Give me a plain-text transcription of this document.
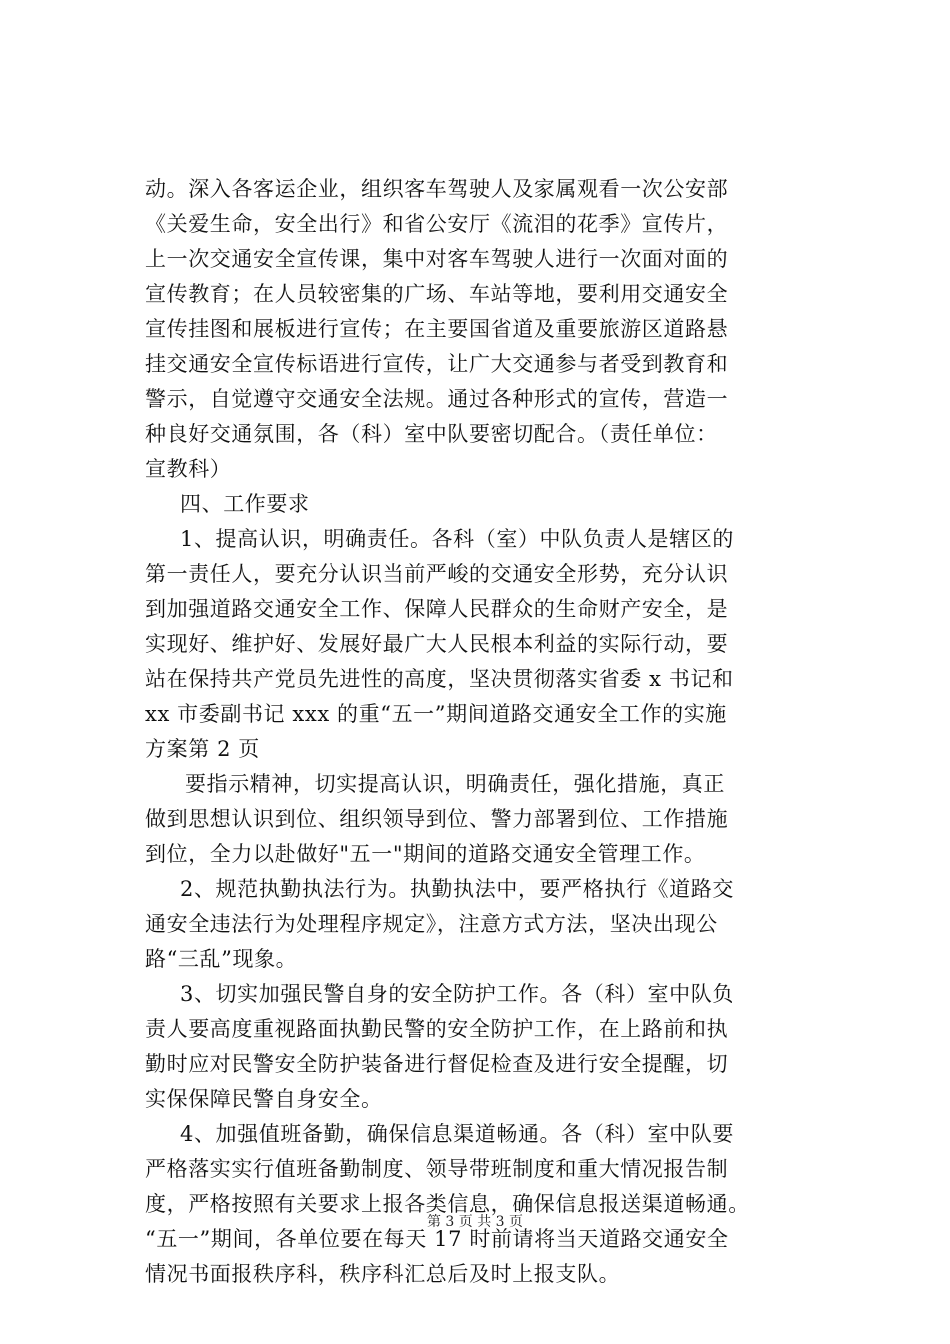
动。深入各客运企业，组织客车驾驶人及家属观看一次公安部
《关爱生命，安全出行》和省公安厅《流泪的花季》宣传片，
上一次交通安全宣传课，集中对客车驾驶人进行一次面对面的
宣传教育；在人员较密集的广场、车站等地，要利用交通安全
宣传挂图和展板进行宣传；在主要国省道及重要旅游区道路悬
挂交通安全宣传标语进行宣传，让广大交通参与者受到教育和
警示，自觉遵守交通安全法规。通过各种形式的宣传，营造一
种良好交通氛围，各（科）室中队要密切配合。（责任单位：
宣教科）
四、工作要求
1、提高认识，明确责任。各科（室）中队负责人是辖区的
第一责任人，要充分认识当前严峻的交通安全形势，充分认识
到加强道路交通安全工作、保障人民群众的生命财产安全，是
实现好、维护好、发展好最广大人民根本利益的实际行动，要
站在保持共产党员先进性的高度，坚决贯彻落实省委 x 书记和
xx 市委副书记 xxx 的重“五一”期间道路交通安全工作的实施
方案第 2 页
要指示精神，切实提高认识，明确责任，强化措施，真正
做到思想认识到位、组织领导到位、警力部署到位、工作措施
到位，全力以赴做好"五一"期间的道路交通安全管理工作。
2、规范执勤执法行为。执勤执法中，要严格执行《道路交
通安全违法行为处理程序规定》，注意方式方法，坚决出现公
路“三乱”现象。
3、切实加强民警自身的安全防护工作。各（科）室中队负
责人要高度重视路面执勤民警的安全防护工作，在上路前和执
勤时应对民警安全防护装备进行督促检查及进行安全提醒，切
实保保障民警自身安全。
4、加强值班备勤，确保信息渠道畅通。各（科）室中队要
严格落实实行值班备勤制度、领导带班制度和重大情况报告制
度，严格按照有关要求上报各类信息，确保信息报送渠道畅通。
“五一”期间，各单位要在每天 17 时前请将当天道路交通安全
情况书面报秩序科，秩序科汇总后及时上报支队。
第 3 页 共 3 页
